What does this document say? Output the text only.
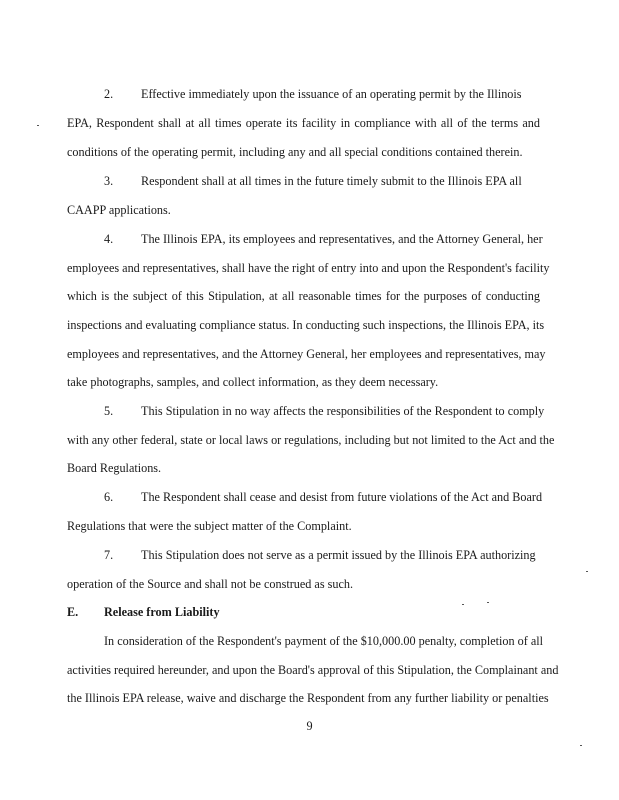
2. Effective immediately upon the issuance of an operating permit by the Illinois
EPA, Respondent shall at all times operate its facility in compliance with all of the terms and
conditions of the operating permit, including any and all special conditions contained therein.
3. Respondent shall at all times in the future timely submit to the Illinois EPA all
CAAPP applications.
4. The Illinois EPA, its employees and representatives, and the Attorney General, her
employees and representatives, shall have the right of entry into and upon the Respondent's facility
which is the subject of this Stipulation, at all reasonable times for the purposes of conducting
inspections and evaluating compliance status. In conducting such inspections, the Illinois EPA, its
employees and representatives, and the Attorney General, her employees and representatives, may
take photographs, samples, and collect information, as they deem necessary.
5. This Stipulation in no way affects the responsibilities of the Respondent to comply
with any other federal, state or local laws or regulations, including but not limited to the Act and the
Board Regulations.
6. The Respondent shall cease and desist from future violations of the Act and Board
Regulations that were the subject matter of the Complaint.
7. This Stipulation does not serve as a permit issued by the Illinois EPA authorizing
operation of the Source and shall not be construed as such.
E. Release from Liability
In consideration of the Respondent's payment of the $10,000.00 penalty, completion of all
activities required hereunder, and upon the Board's approval of this Stipulation, the Complainant and
the Illinois EPA release, waive and discharge the Respondent from any further liability or penalties
9
